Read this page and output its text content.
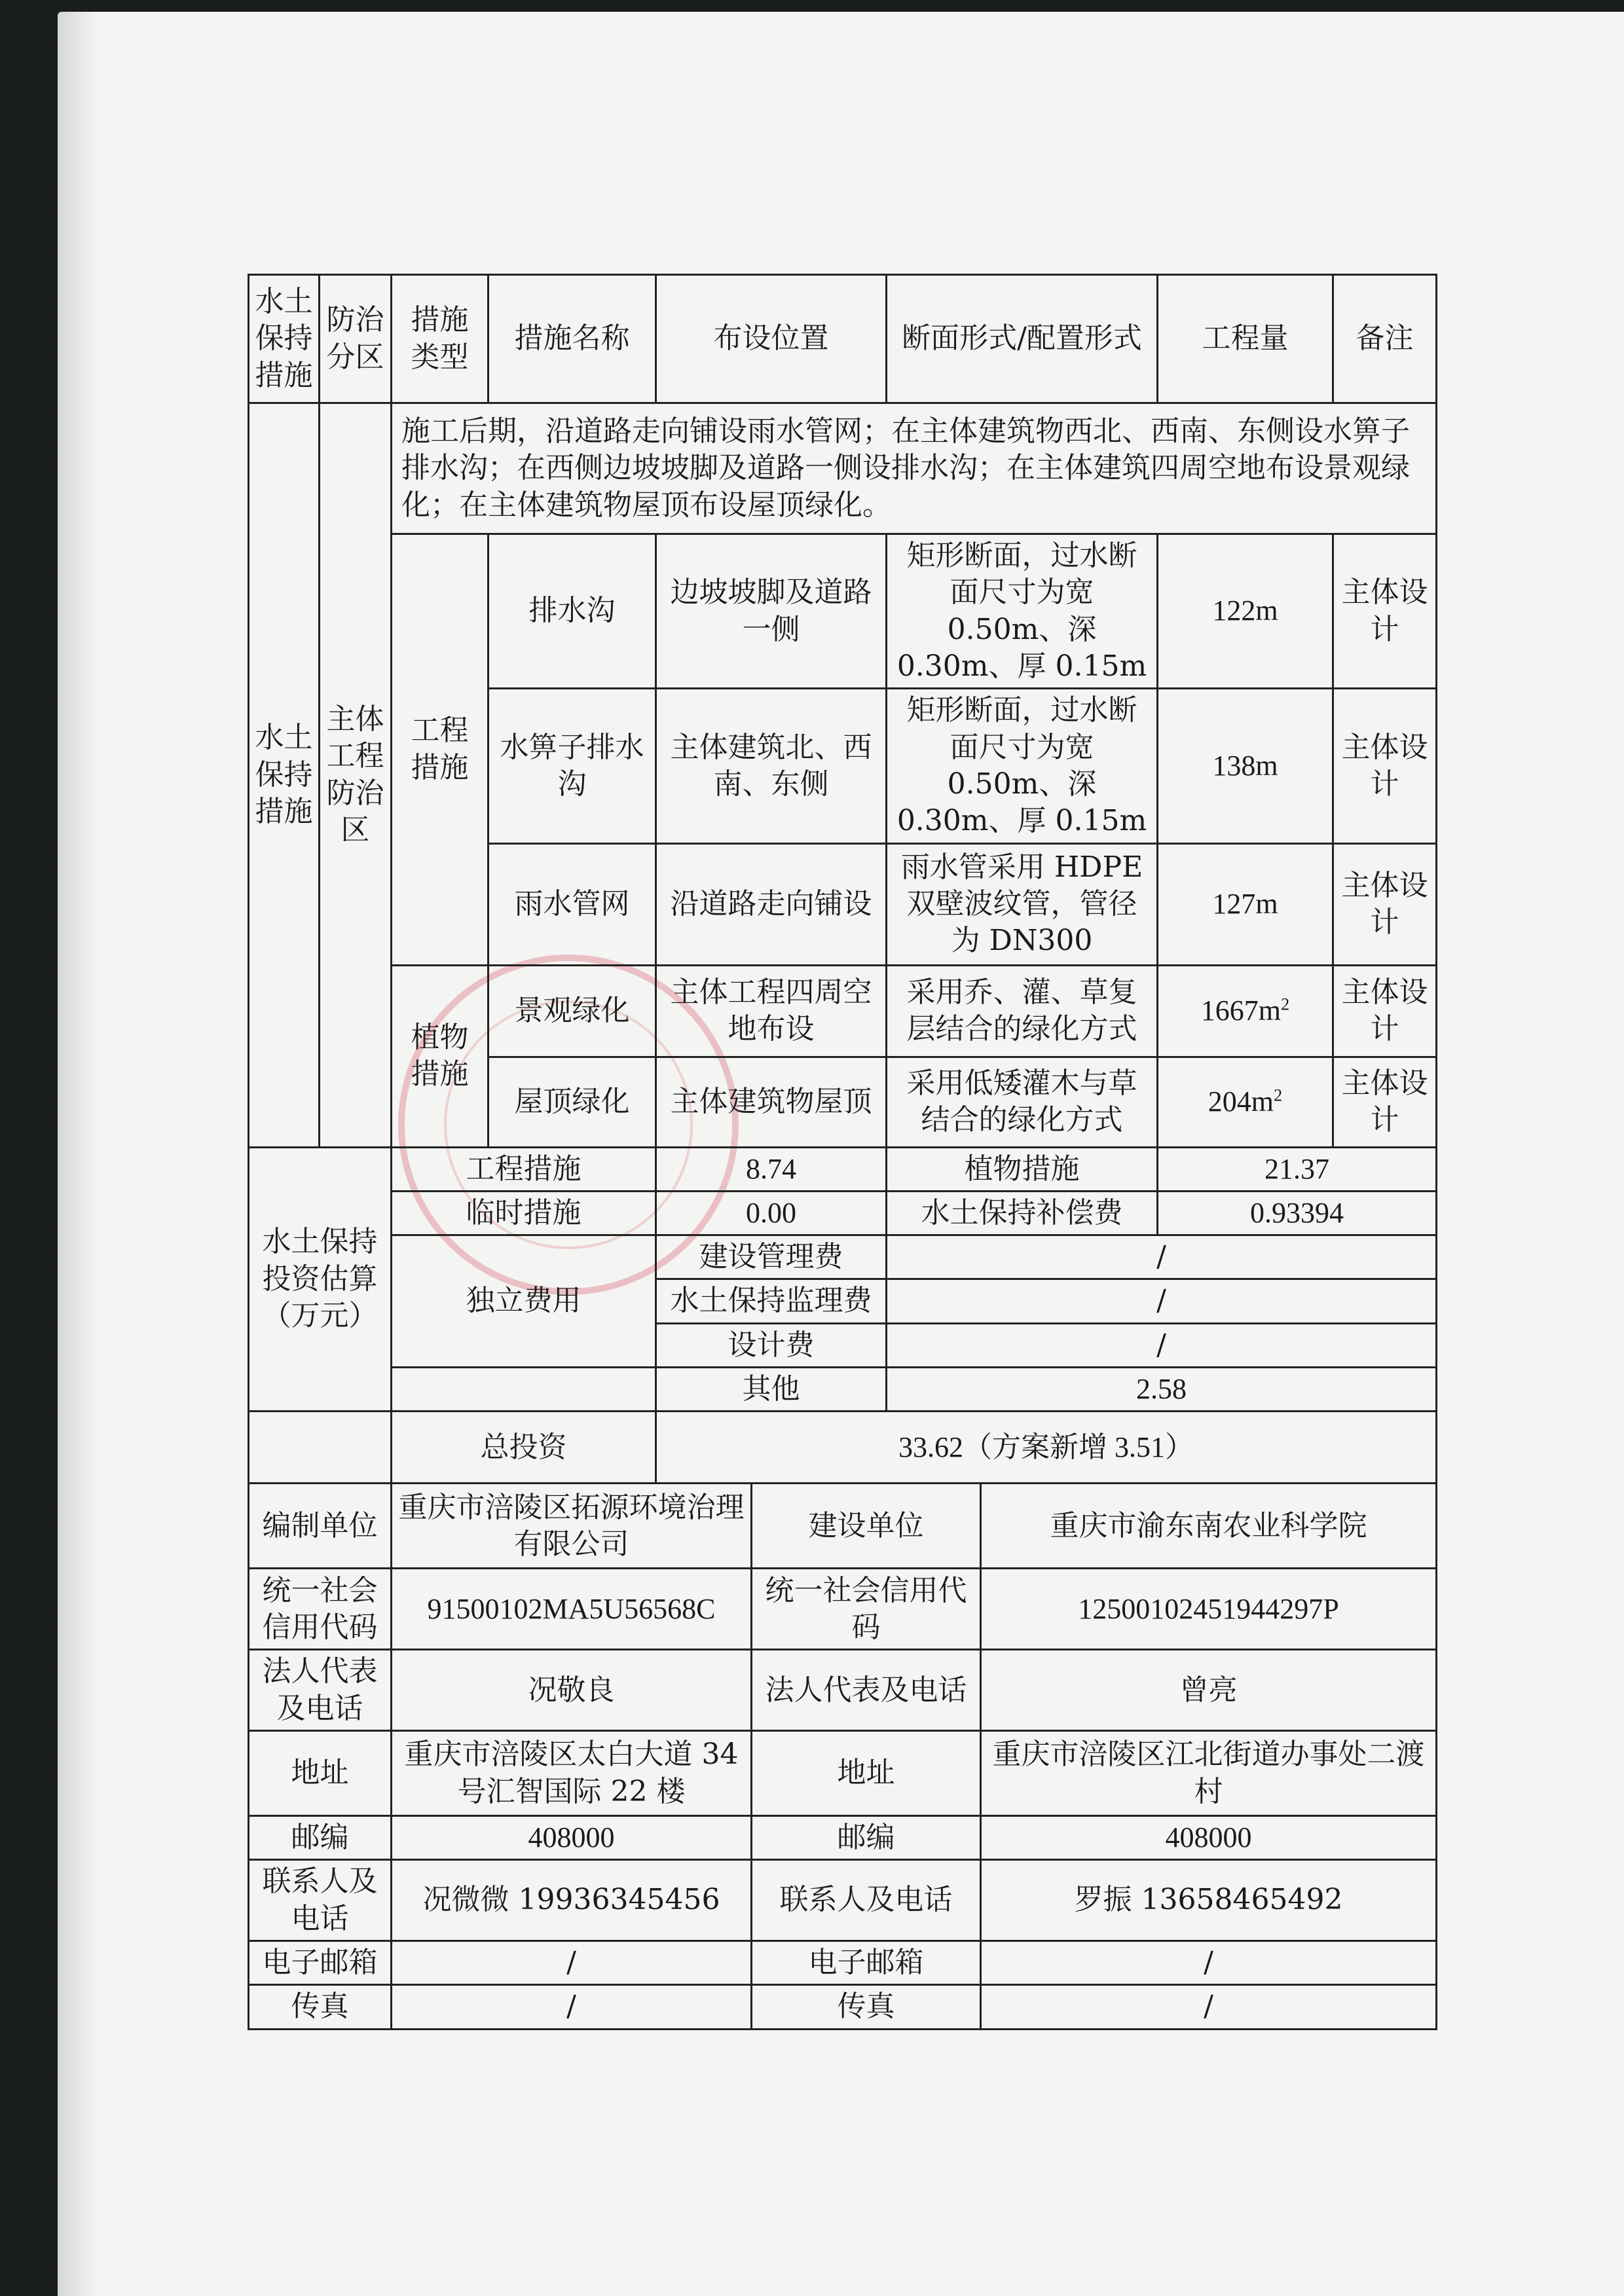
水土保持措施	防治分区	措施类型	措施名称	布设位置		断面形式/配置形式		工程量	备注
水土保持措施	主体工程防治区	施工后期，沿道路走向铺设雨水管网；在主体建筑物西北、西南、东侧设水箅子排水沟；在西侧边坡坡脚及道路一侧设排水沟；在主体建筑四周空地布设景观绿化；在主体建筑物屋顶布设屋顶绿化。							
		工程措施	排水沟	边坡坡脚及道路一侧		矩形断面，过水断面尺寸为宽 0.50m、深 0.30m、厚 0.15m		122m	主体设计
			水箅子排水沟	主体建筑北、西南、东侧		矩形断面，过水断面尺寸为宽 0.50m、深 0.30m、厚 0.15m		138m	主体设计
			雨水管网	沿道路走向铺设		雨水管采用 HDPE 双壁波纹管，管径为 DN300		127m	主体设计
		植物措施	景观绿化	主体工程四周空地布设		采用乔、灌、草复层结合的绿化方式		$1667m^2$	主体设计
			屋顶绿化	主体建筑物屋顶		采用低矮灌木与草结合的绿化方式		$204m^2$	主体设计
水土保持投资估算（万元）		工程措施		8.74		植物措施		21.37	
		临时措施		0.00		水土保持补偿费		0.93394	
		独立费用		建设管理费		/			
				水土保持监理费		/			
				设计费		/			
				其他		2.58			
		总投资		33.62（方案新增 3.51）					
编制单位		重庆市涪陵区拓源环境治理有限公司			建设单位		重庆市渝东南农业科学院		
统一社会信用代码		91500102MA5U56568C			统一社会信用代码		12500102451944297P		
法人代表及电话		况敬良			法人代表及电话		曾亮		
地址		重庆市涪陵区太白大道 34 号汇智国际 22 楼			地址		重庆市涪陵区江北街道办事处二渡村		
邮编		408000			邮编		408000		
联系人及电话		况微微 19936345456			联系人及电话		罗振 13658465492		
电子邮箱		/			电子邮箱		/		
传真		/			传真		/		
